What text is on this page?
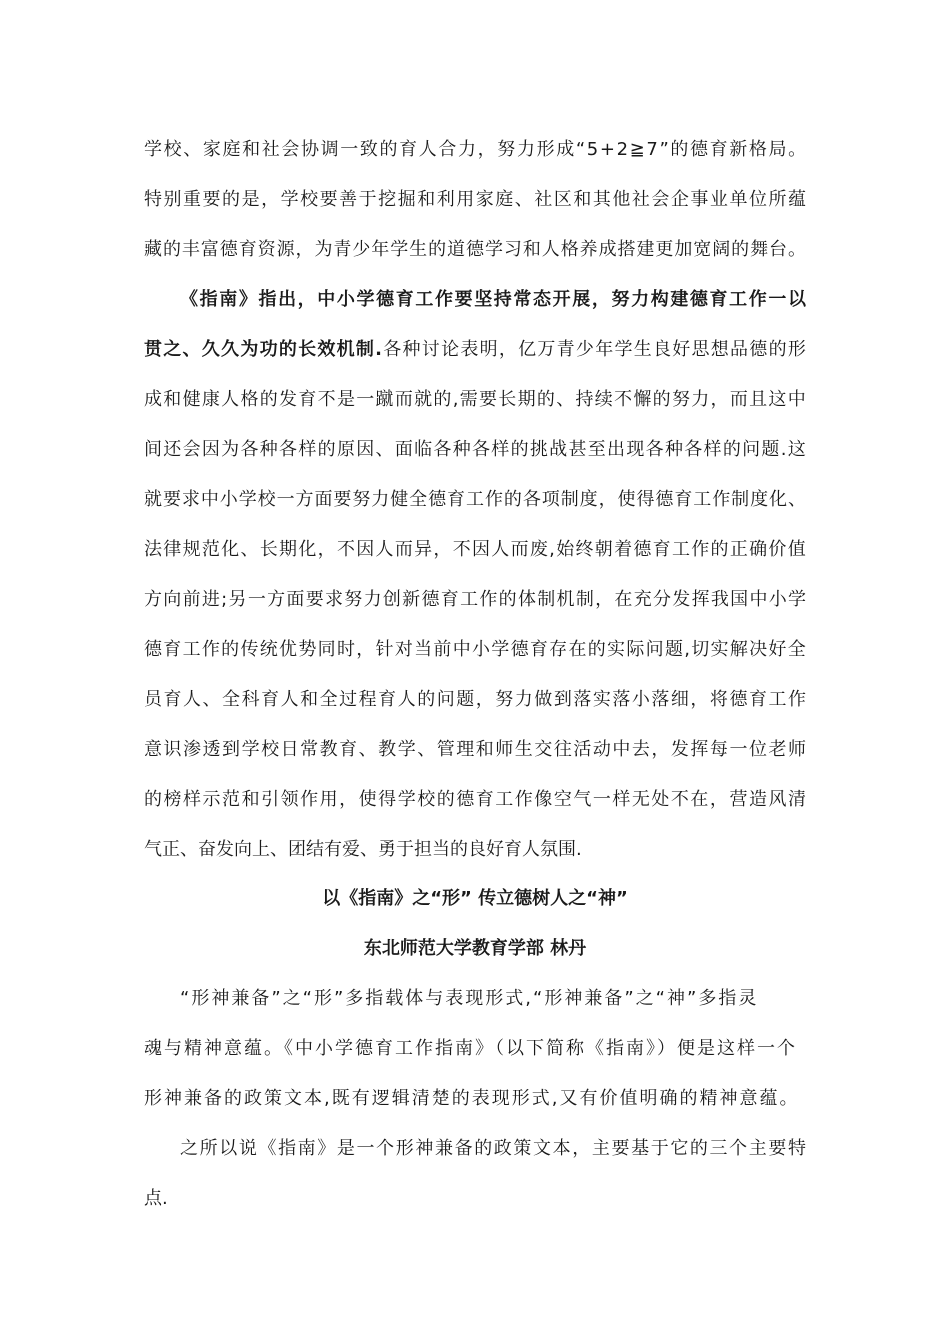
学校、家庭和社会协调一致的育人合力，努力形成“5+2≧7”的德育新格局。
特别重要的是，学校要善于挖掘和利用家庭、社区和其他社会企事业单位所蕴
藏的丰富德育资源，为青少年学生的道德学习和人格养成搭建更加宽阔的舞台。
《指南》指出，中小学德育工作要坚持常态开展，努力构建德育工作一以
贯之、久久为功的长效机制.各种讨论表明，亿万青少年学生良好思想品德的形
成和健康人格的发育不是一蹴而就的,需要长期的、持续不懈的努力，而且这中
间还会因为各种各样的原因、面临各种各样的挑战甚至出现各种各样的问题.这
就要求中小学校一方面要努力健全德育工作的各项制度，使得德育工作制度化、
法律规范化、长期化，不因人而异，不因人而废,始终朝着德育工作的正确价值
方向前进;另一方面要求努力创新德育工作的体制机制，在充分发挥我国中小学
德育工作的传统优势同时，针对当前中小学德育存在的实际问题,切实解决好全
员育人、全科育人和全过程育人的问题，努力做到落实落小落细，将德育工作
意识渗透到学校日常教育、教学、管理和师生交往活动中去，发挥每一位老师
的榜样示范和引领作用，使得学校的德育工作像空气一样无处不在，营造风清
气正、奋发向上、团结有爱、勇于担当的良好育人氛围.
以《指南》之“形” 传立德树人之“神”
东北师范大学教育学部 林丹
“形神兼备”之“形”多指载体与表现形式,“形神兼备”之“神”多指灵
魂与精神意蕴。《中小学德育工作指南》（以下简称《指南》）便是这样一个
形神兼备的政策文本,既有逻辑清楚的表现形式,又有价值明确的精神意蕴。
之所以说《指南》是一个形神兼备的政策文本，主要基于它的三个主要特
点.
